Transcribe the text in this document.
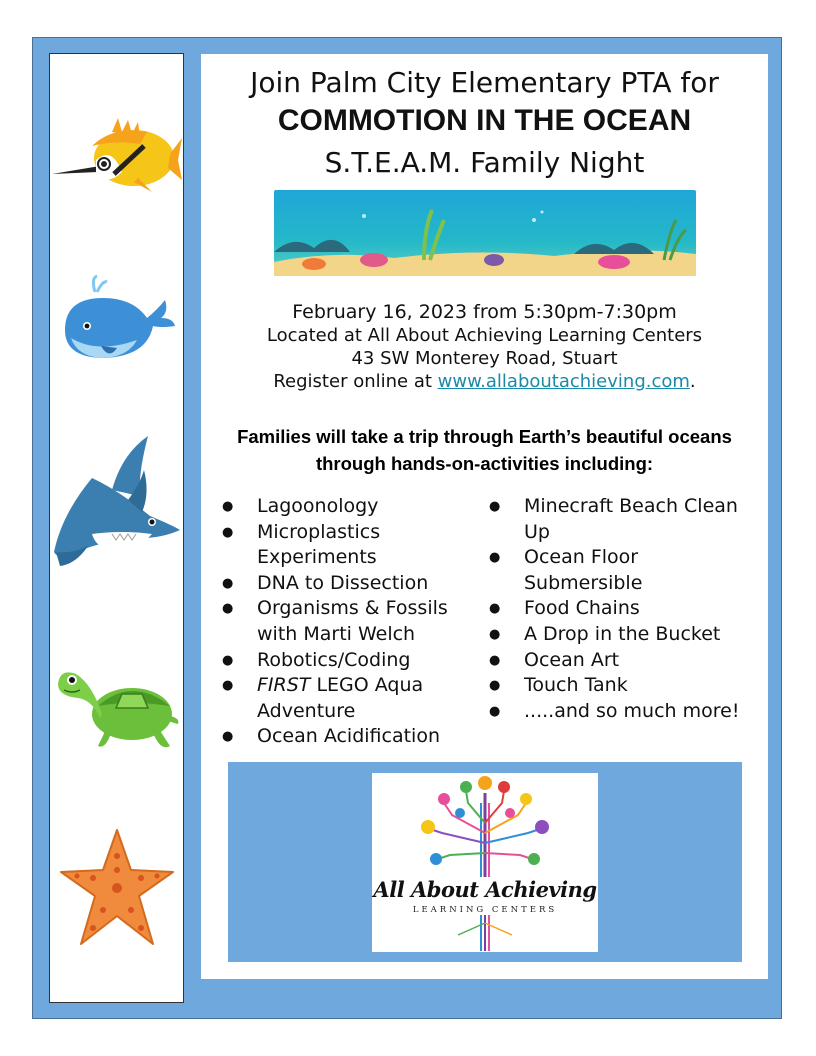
Join Palm City Elementary PTA for
COMMOTION IN THE OCEAN
S.T.E.A.M. Family Night
February 16, 2023 from 5:30pm-7:30pm
Located at All About Achieving Learning Centers
43 SW Monterey Road, Stuart
Register online at www.allaboutachieving.com.
Families will take a trip through Earth’s beautiful oceans through hands-on-activities including:
● Lagoonology
● Microplastics Experiments
● DNA to Dissection
● Organisms & Fossils with Marti Welch
● Robotics/Coding
● FIRST LEGO Aqua Adventure
● Ocean Acidification
● Minecraft Beach Clean Up
● Ocean Floor Submersible
● Food Chains
● A Drop in the Bucket
● Ocean Art
● Touch Tank
● .....and so much more!
All About Achieving
LEARNING CENTERS
